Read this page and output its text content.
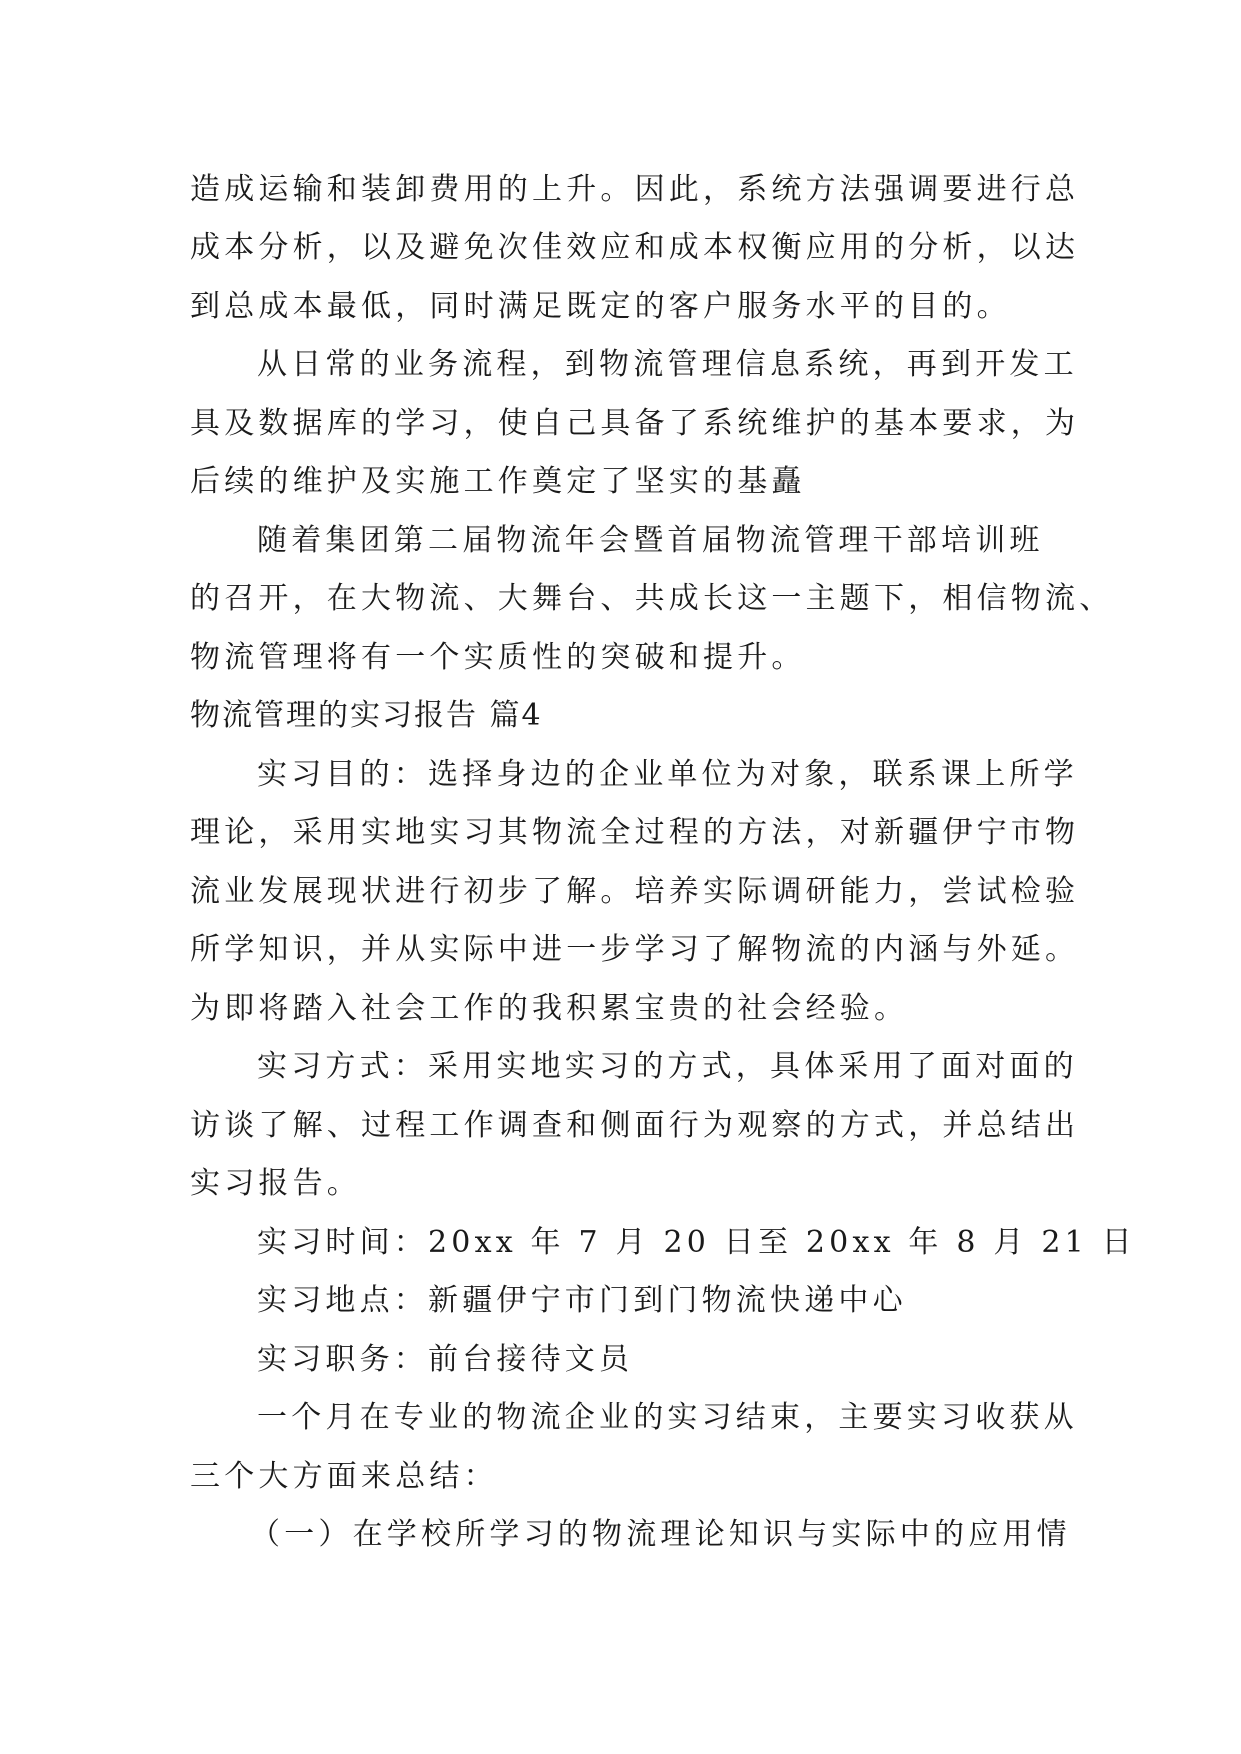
造成运输和装卸费用的上升。因此，系统方法强调要进行总
成本分析，以及避免次佳效应和成本权衡应用的分析，以达
到总成本最低，同时满足既定的客户服务水平的目的。
从日常的业务流程，到物流管理信息系统，再到开发工
具及数据库的学习，使自己具备了系统维护的基本要求，为
后续的维护及实施工作奠定了坚实的基矗
随着集团第二届物流年会暨首届物流管理干部培训班
的召开，在大物流、大舞台、共成长这一主题下，相信物流、
物流管理将有一个实质性的突破和提升。
物流管理的实习报告 篇4
实习目的：选择身边的企业单位为对象，联系课上所学
理论，采用实地实习其物流全过程的方法，对新疆伊宁市物
流业发展现状进行初步了解。培养实际调研能力，尝试检验
所学知识，并从实际中进一步学习了解物流的内涵与外延。
为即将踏入社会工作的我积累宝贵的社会经验。
实习方式：采用实地实习的方式，具体采用了面对面的
访谈了解、过程工作调查和侧面行为观察的方式，并总结出
实习报告。
实习时间：20xx 年 7 月 20 日至 20xx 年 8 月 21 日
实习地点：新疆伊宁市门到门物流快递中心
实习职务：前台接待文员
一个月在专业的物流企业的实习结束，主要实习收获从
三个大方面来总结：
（一）在学校所学习的物流理论知识与实际中的应用情
